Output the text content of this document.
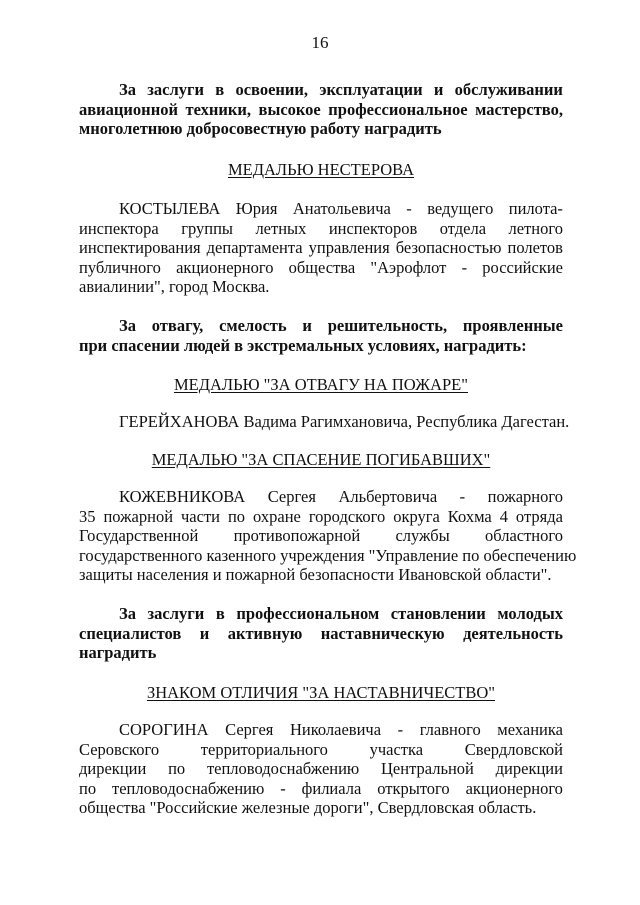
16
За заслуги в освоении, эксплуатации и обслуживании
авиационной техники, высокое профессиональное мастерство,
многолетнюю добросовестную работу наградить
МЕДАЛЬЮ НЕСТЕРОВА
КОСТЫЛЕВА Юрия Анатольевича - ведущего пилота-
инспектора группы летных инспекторов отдела летного
инспектирования департамента управления безопасностью полетов
публичного акционерного общества "Аэрофлот - российские
авиалинии", город Москва.
За отвагу, смелость и решительность, проявленные
при спасении людей в экстремальных условиях, наградить:
МЕДАЛЬЮ "ЗА ОТВАГУ НА ПОЖАРЕ"
ГЕРЕЙХАНОВА Вадима Рагимхановича, Республика Дагестан.
МЕДАЛЬЮ "ЗА СПАСЕНИЕ ПОГИБАВШИХ"
КОЖЕВНИКОВА Сергея Альбертовича - пожарного
35 пожарной части по охране городского округа Кохма 4 отряда
Государственной противопожарной службы областного
государственного казенного учреждения "Управление по обеспечению
защиты населения и пожарной безопасности Ивановской области".
За заслуги в профессиональном становлении молодых
специалистов и активную наставническую деятельность
наградить
ЗНАКОМ ОТЛИЧИЯ "ЗА НАСТАВНИЧЕСТВО"
СОРОГИНА Сергея Николаевича - главного механика
Серовского	территориального	участка	Свердловской
дирекции по тепловодоснабжению Центральной дирекции
по тепловодоснабжению - филиала открытого акционерного
общества "Российские железные дороги", Свердловская область.
